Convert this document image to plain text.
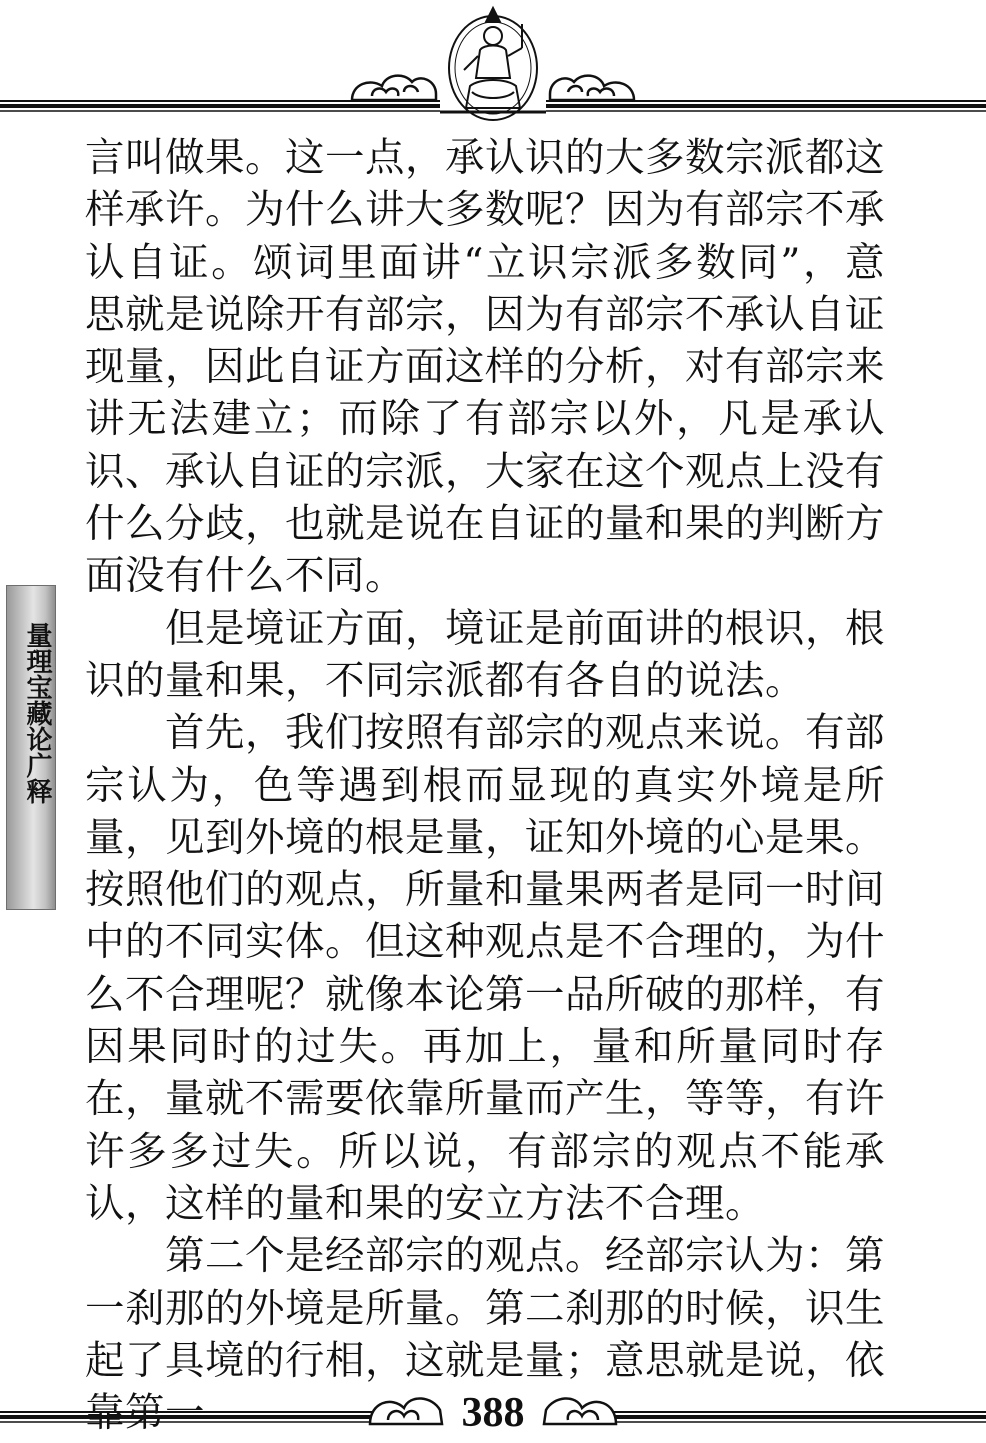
量理宝藏论广释

言叫做果。这一点，承认识的大多数宗派都这样承许。为什么讲大多数呢？因为有部宗不承认自证。颂词里面讲“立识宗派多数同”，意思就是说除开有部宗，因为有部宗不承认自证现量，因此自证方面这样的分析，对有部宗来讲无法建立；而除了有部宗以外，凡是承认识、承认自证的宗派，大家在这个观点上没有什么分歧，也就是说在自证的量和果的判断方面没有什么不同。

但是境证方面，境证是前面讲的根识，根识的量和果，不同宗派都有各自的说法。

首先，我们按照有部宗的观点来说。有部宗认为，色等遇到根而显现的真实外境是所量，见到外境的根是量，证知外境的心是果。按照他们的观点，所量和量果两者是同一时间中的不同实体。但这种观点是不合理的，为什么不合理呢？就像本论第一品所破的那样，有因果同时的过失。再加上，量和所量同时存在，量就不需要依靠所量而产生，等等，有许许多多过失。所以说，有部宗的观点不能承认，这样的量和果的安立方法不合理。

第二个是经部宗的观点。经部宗认为：第一刹那的外境是所量。第二刹那的时候，识生起了具境的行相，这就是量；意思就是说，依靠第一	388
